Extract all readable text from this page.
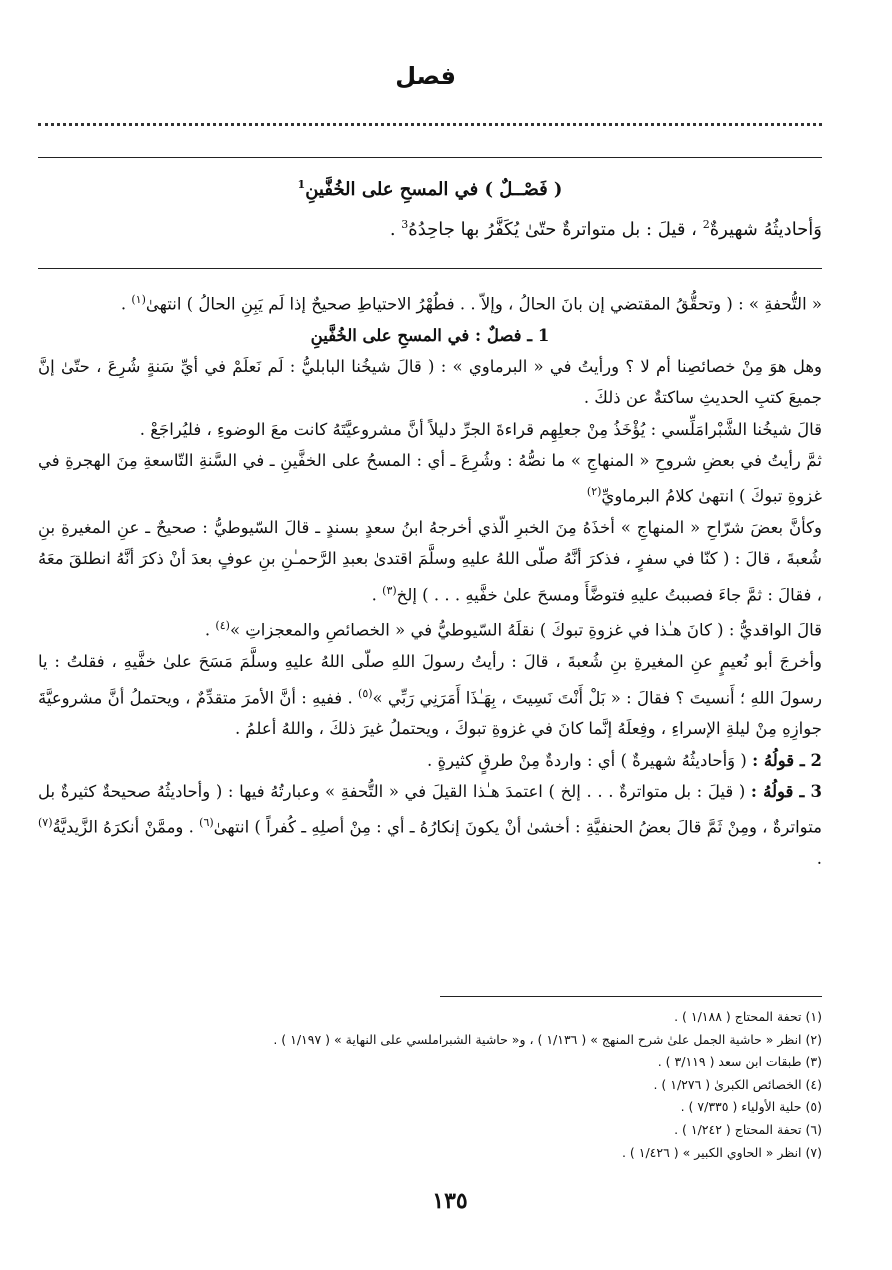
فصل
( فَصْــلٌ ) في المسحِ على الخُفَّينِ$^1$
وَأحاديثُهُ شهيرةٌ$^2$ ، قيلَ : بل متواترةٌ حتّىٰ يُكَفَّرُ بها جاحِدُهُ$^3$ .

« التُّحفةِ » : ( وتحقُّقُ المقتضي إن بانَ الحالُ ، وإلاّ . . فطُهْرُ الاحتياطِ صحيحٌ إذا لَم يَبِنِ الحالُ ) انتهىٰ$^{(١)}$ .

1 ـ فصلٌ : في المسحِ على الخُفَّينِ

وهل هوَ مِنْ خصائصِنا أم لا ؟ ورأيتُ في « البرماوي » : ( قالَ شيخُنا البابليُّ : لَم نَعلَمْ في أيِّ سَنةٍ شُرِعَ ، حتّىٰ إنَّ جميعَ كتبِ الحديثِ ساكتةٌ عن ذلكَ .

قالَ شيخُنا الشَّبْرامَلِّسي : يُؤْخَذُ مِنْ جعلِهِم قراءةَ الجرِّ دليلاً أنَّ مشروعيَّتَهُ كانت معَ الوضوءِ ، فليُراجَعْ .

ثمَّ رأيتُ في بعضِ شروحِ « المنهاجِ » ما نصُّهُ : وشُرِعَ ـ أي : المسحُ على الخفَّينِ ـ في السَّنةِ التّاسعةِ مِنَ الهجرةِ في غزوةِ تبوكَ ) انتهىٰ كلامُ البرماويِّ$^{(٢)}$

وكأنَّ بعضَ شرّاحِ « المنهاجِ » أخذَهُ مِنَ الخبرِ الّذي أخرجهُ ابنُ سعدٍ بسندٍ ـ قالَ السّيوطيُّ : صحيحٌ ـ عنِ المغيرةِ بنِ شُعبةَ ، قالَ : ( كنّا في سفرٍ ، فذكرَ أنَّهُ صلّى اللهُ عليهِ وسلَّمَ اقتدىٰ بعبدِ الرَّحمـٰنِ بنِ عوفٍ بعدَ أنْ ذكرَ أنَّهُ انطلقَ معَهُ ، فقالَ : ثمَّ جاءَ فصببتُ عليهِ فتوضَّأَ ومسحَ علىٰ خفَّيهِ . . . ) إلخ$^{(٣)}$ .

قالَ الواقديُّ : ( كانَ هـٰذا في غزوةِ تبوكَ ) نقلَهُ السّيوطيُّ في « الخصائصِ والمعجزاتِ »$^{(٤)}$ .

وأخرجَ أبو نُعيمٍ عنِ المغيرةِ بنِ شُعبةَ ، قالَ : رأيتُ رسولَ اللهِ صلّى اللهُ عليهِ وسلَّمَ مَسَحَ علىٰ خفَّيهِ ، فقلتُ : يا رسولَ اللهِ ؛ أَنسيتَ ؟ فقالَ : « بَلْ أَنْتَ نَسِيتَ ، بِهَـٰذَا أَمَرَنِي رَبِّي »$^{(٥)}$ . ففيهِ : أنَّ الأمرَ متقدِّمٌ ، ويحتملُ أنَّ مشروعيَّةَ جوازِهِ مِنْ ليلةِ الإسراءِ ، وفِعلَهُ إنَّما كانَ في غزوةِ تبوكَ ، ويحتملُ غيرَ ذلكَ ، واللهُ أعلمُ .

2 ـ قولُهُ : ( وَأحاديثُهُ شهيرةٌ ) أي : واردةٌ مِنْ طرقٍ كثيرةٍ .

3 ـ قولُهُ : ( قيلَ : بل متواترةٌ . . . إلخ ) اعتمدَ هـٰذا القيلَ في « التُّحفةِ » وعبارتُهُ فيها : ( وأحاديثُهُ صحيحةٌ كثيرةٌ بل متواترةٌ ، ومِنْ ثَمَّ قالَ بعضُ الحنفيَّةِ : أخشىٰ أنْ يكونَ إنكارُهُ ـ أي : مِنْ أصلِهِ ـ كُفراً ) انتهىٰ$^{(٦)}$ . وممَّنْ أنكرَهُ الزَّيديَّةُ$^{(٧)}$ .

(١) تحفة المحتاج ( ١/١٨٨ ) .
(٢) انظر « حاشية الجمل علىٰ شرح المنهج » ( ١/١٣٦ ) ، و« حاشية الشبراملسي على النهاية » ( ١/١٩٧ ) .
(٣) طبقات ابن سعد ( ٣/١١٩ ) .
(٤) الخصائص الكبرىٰ ( ١/٢٧٦ ) .
(٥) حلية الأولياء ( ٧/٣٣٥ ) .
(٦) تحفة المحتاج ( ١/٢٤٢ ) .
(٧) انظر « الحاوي الكبير » ( ١/٤٢٦ ) .
١٣٥
